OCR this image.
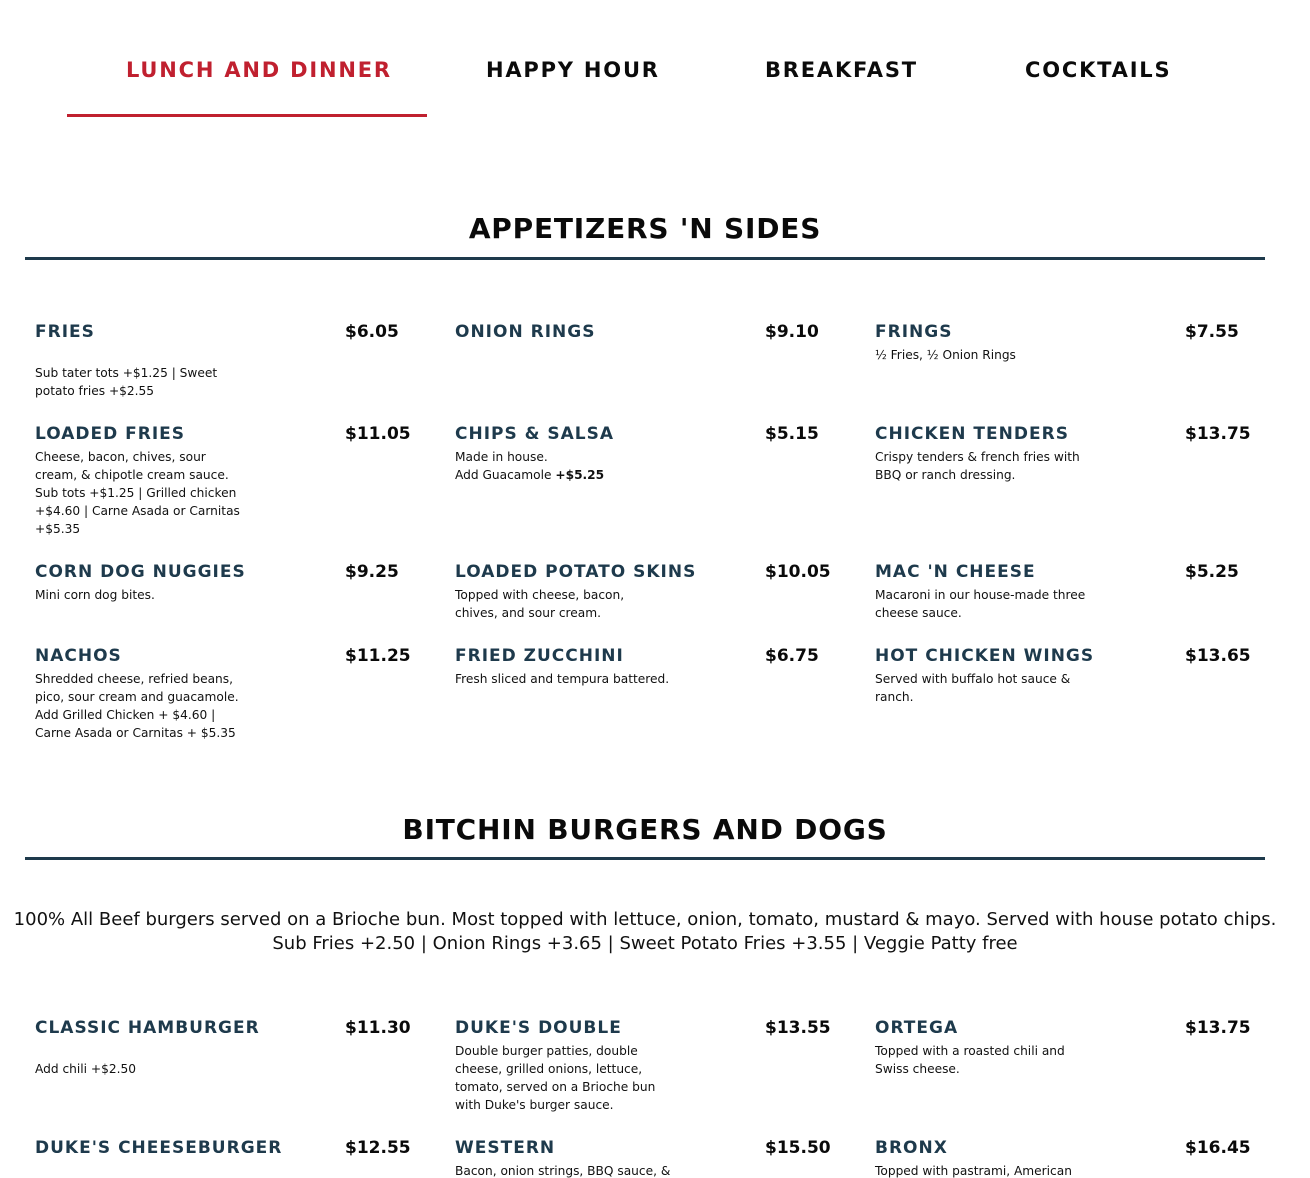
LUNCH AND DINNER	HAPPY HOUR	BREAKFAST	COCKTAILS
APPETIZERS 'N SIDES
FRIES	$6.05
Sub tater tots +$1.25 | Sweet potato fries +$2.55
ONION RINGS	$9.10	FRINGS	$7.55
½ Fries, ½ Onion Rings
LOADED FRIES	$11.05
Cheese, bacon, chives, sour cream, & chipotle cream sauce. Sub tots +$1.25 | Grilled chicken +$4.60 | Carne Asada or Carnitas +$5.35
CHIPS & SALSA	$5.15
Made in house.
Add Guacamole +$5.25
CHICKEN TENDERS	$13.75
Crispy tenders & french fries with BBQ or ranch dressing.
CORN DOG NUGGIES	$9.25
Mini corn dog bites.
LOADED POTATO SKINS	$10.05
Topped with cheese, bacon, chives, and sour cream.
MAC 'N CHEESE	$5.25
Macaroni in our house-made three cheese sauce.
NACHOS	$11.25
Shredded cheese, refried beans, pico, sour cream and guacamole. Add Grilled Chicken + $4.60 | Carne Asada or Carnitas + $5.35
FRIED ZUCCHINI	$6.75
Fresh sliced and tempura battered.
HOT CHICKEN WINGS	$13.65
Served with buffalo hot sauce & ranch.
BITCHIN BURGERS AND DOGS

100% All Beef burgers served on a Brioche bun. Most topped with lettuce, onion, tomato, mustard & mayo. Served with house potato chips.

Sub Fries +2.50 | Onion Rings +3.65 | Sweet Potato Fries +3.55 | Veggie Patty free

CLASSIC HAMBURGER	$11.30
Add chili +$2.50
DUKE'S DOUBLE	$13.55
Double burger patties, double cheese, grilled onions, lettuce, tomato, served on a Brioche bun with Duke's burger sauce.
ORTEGA	$13.75
Topped with a roasted chili and Swiss cheese.
DUKE'S CHEESEBURGER	$12.55	WESTERN	$15.50
Bacon, onion strings, BBQ sauce, &
BRONX	$16.45
Topped with pastrami, American
